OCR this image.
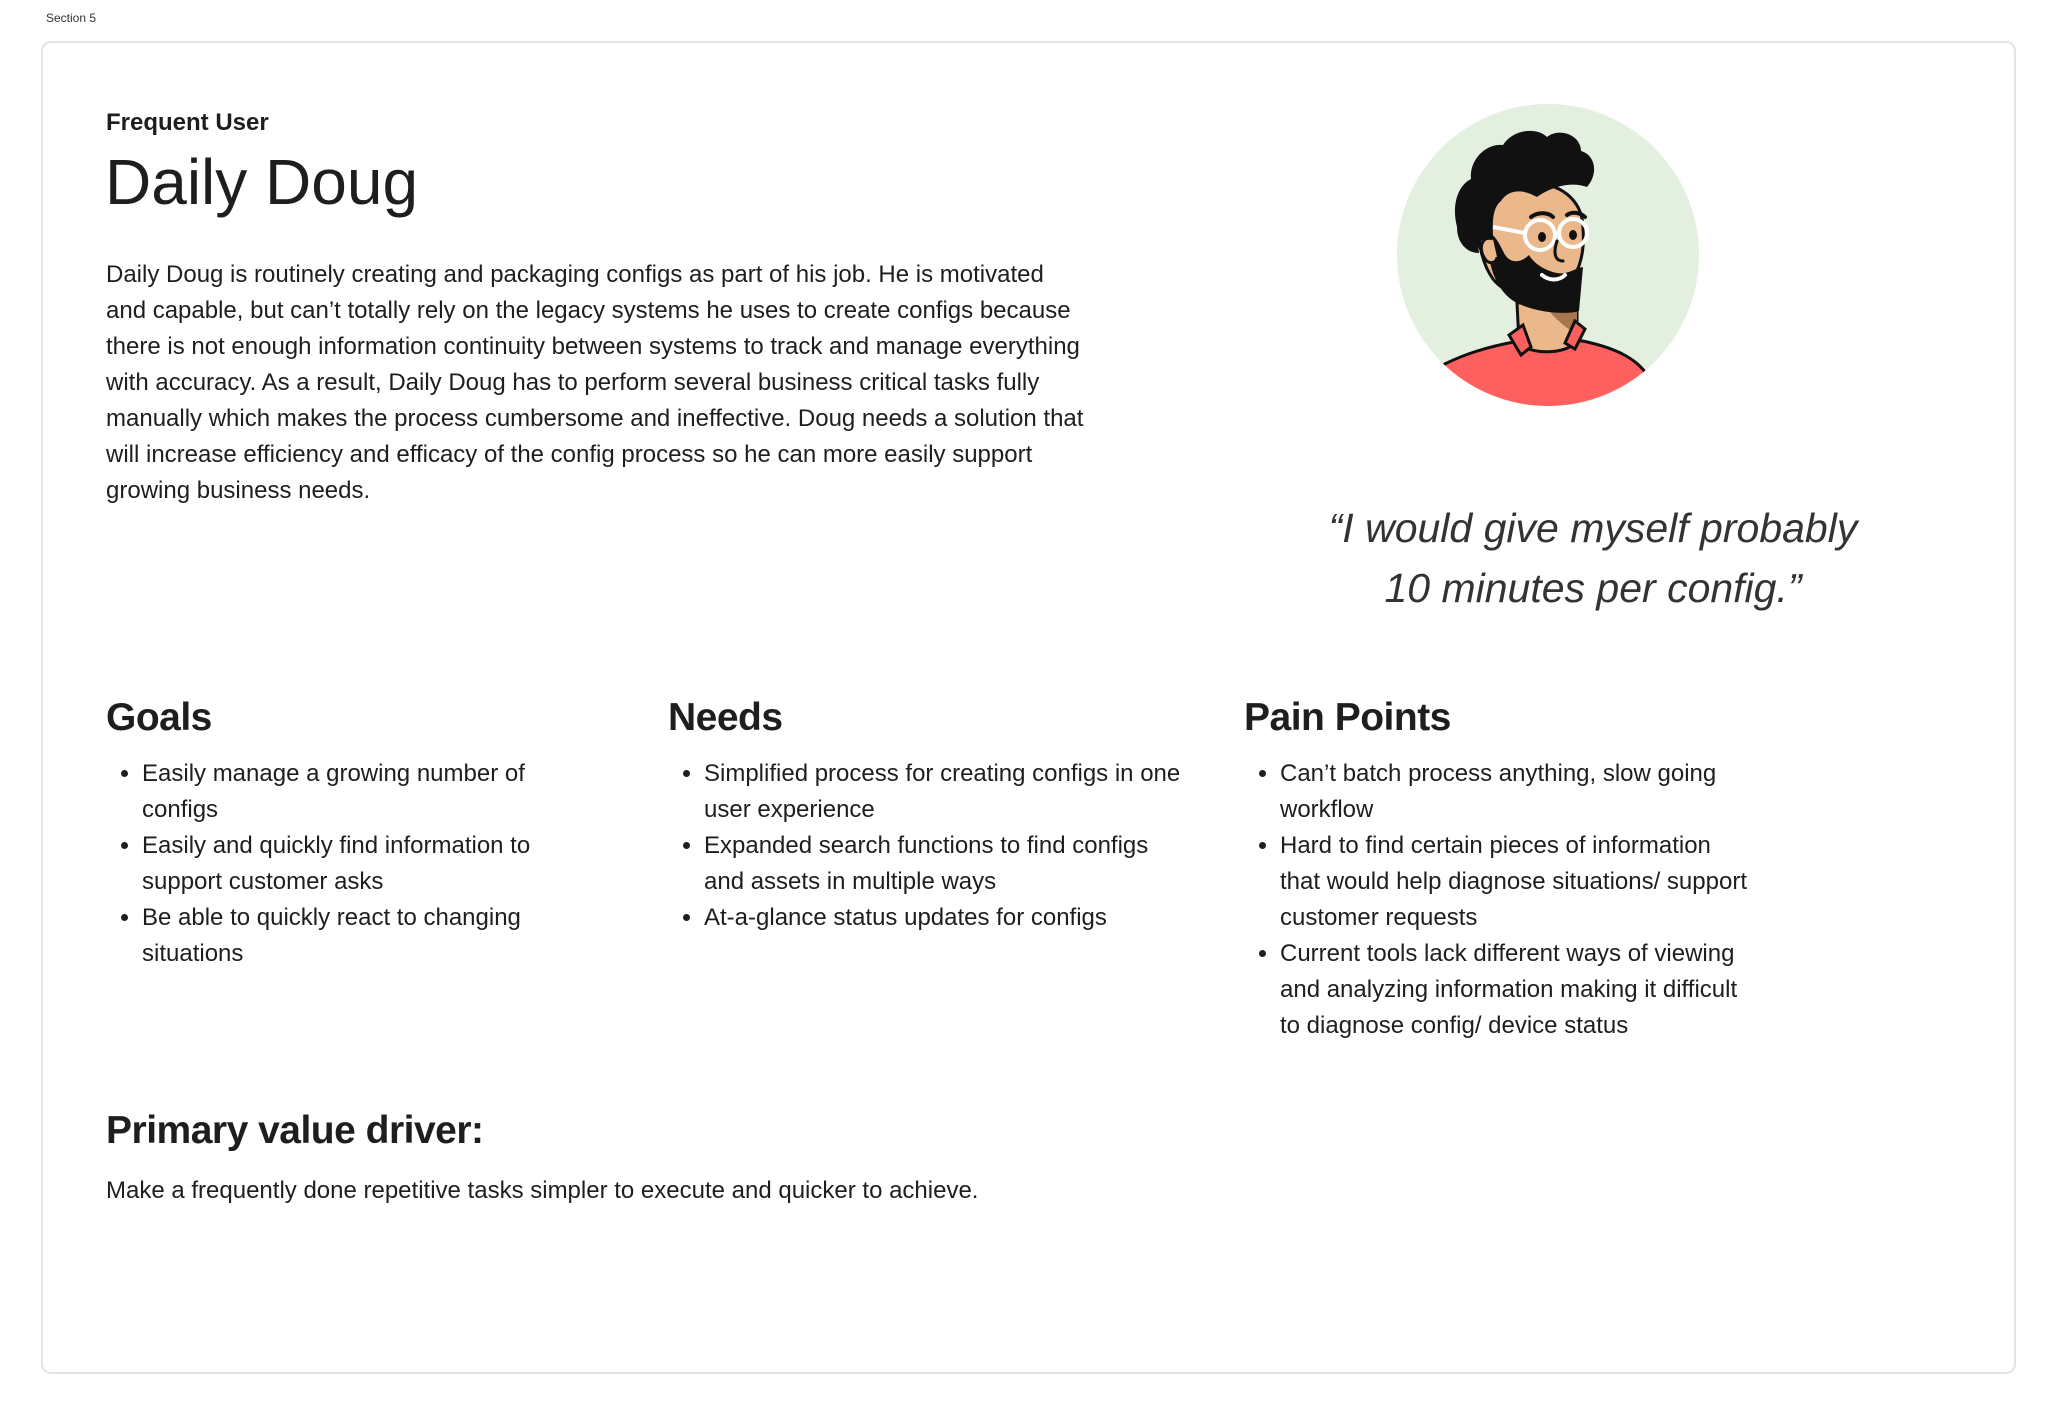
Section 5
Frequent User
Daily Doug

Daily Doug is routinely creating and packaging configs as part of his job. He is motivated and capable, but can’t totally rely on the legacy systems he uses to create configs because there is not enough information continuity between systems to track and manage everything with accuracy. As a result, Daily Doug has to perform several business critical tasks fully manually which makes the process cumbersome and ineffective. Doug needs a solution that will increase efficiency and efficacy of the config process so he can more easily support growing business needs.

“I would give myself probably
10 minutes per config.”

Goals
• Easily manage a growing number of configs
• Easily and quickly find information to support customer asks
• Be able to quickly react to changing situations
Needs
• Simplified process for creating configs in one user experience
• Expanded search functions to find configs and assets in multiple ways
• At-a-glance status updates for configs
Pain Points
• Can’t batch process anything, slow going workflow
• Hard to find certain pieces of information that would help diagnose situations/ support customer requests
• Current tools lack different ways of viewing and analyzing information making it difficult to diagnose config/ device status
Primary value driver:

Make a frequently done repetitive tasks simpler to execute and quicker to achieve.
